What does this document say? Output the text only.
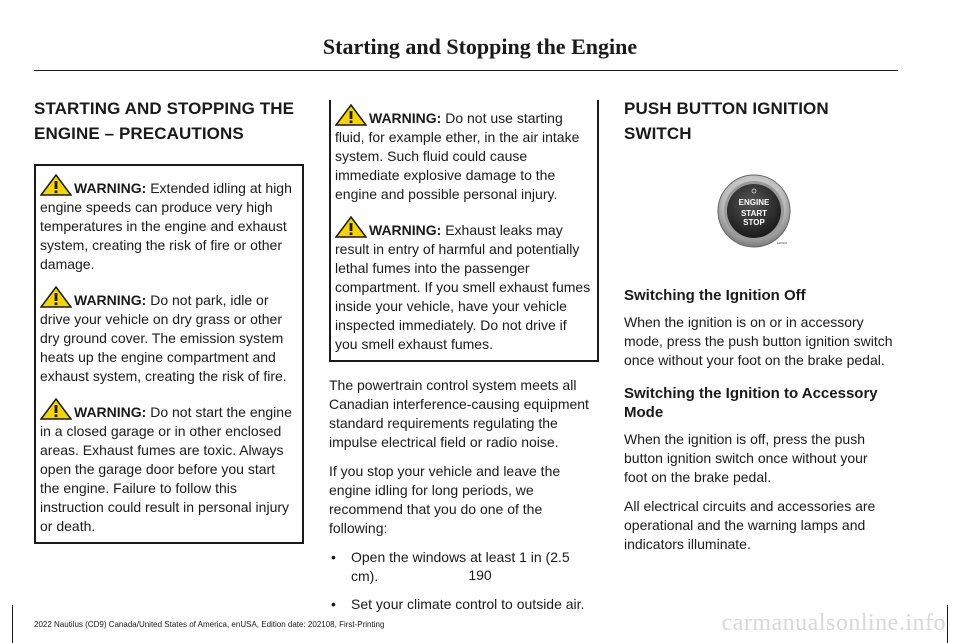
Starting and Stopping the Engine
STARTING AND STOPPING THE
ENGINE – PRECAUTIONS

WARNING: Extended idling at high engine speeds can produce very high temperatures in the engine and exhaust system, creating the risk of fire or other damage.

WARNING: Do not park, idle or drive your vehicle on dry grass or other dry ground cover. The emission system heats up the engine compartment and exhaust system, creating the risk of fire.

WARNING: Do not start the engine in a closed garage or in other enclosed areas. Exhaust fumes are toxic. Always open the garage door before you start the engine. Failure to follow this instruction could result in personal injury or death.

WARNING: Do not use starting fluid, for example ether, in the air intake system. Such fluid could cause immediate explosive damage to the engine and possible personal injury.

WARNING: Exhaust leaks may result in entry of harmful and potentially lethal fumes into the passenger compartment. If you smell exhaust fumes inside your vehicle, have your vehicle inspected immediately. Do not drive if you smell exhaust fumes.

The powertrain control system meets all Canadian interference-causing equipment standard requirements regulating the impulse electrical field or radio noise.

If you stop your vehicle and leave the engine idling for long periods, we recommend that you do one of the following:

• Open the windows at least 1 in (2.5 cm).
• Set your climate control to outside air.
PUSH BUTTON IGNITION SWITCH
ENGINE
START
STOP
E267116
Switching the Ignition Off

When the ignition is on or in accessory mode, press the push button ignition switch once without your foot on the brake pedal.

Switching the Ignition to Accessory Mode

When the ignition is off, press the push button ignition switch once without your foot on the brake pedal.

All electrical circuits and accessories are operational and the warning lamps and indicators illuminate.

190
2022 Nautilus (CD9) Canada/United States of America, enUSA, Edition date: 202108, First-Printing	carmanualsonline.info
